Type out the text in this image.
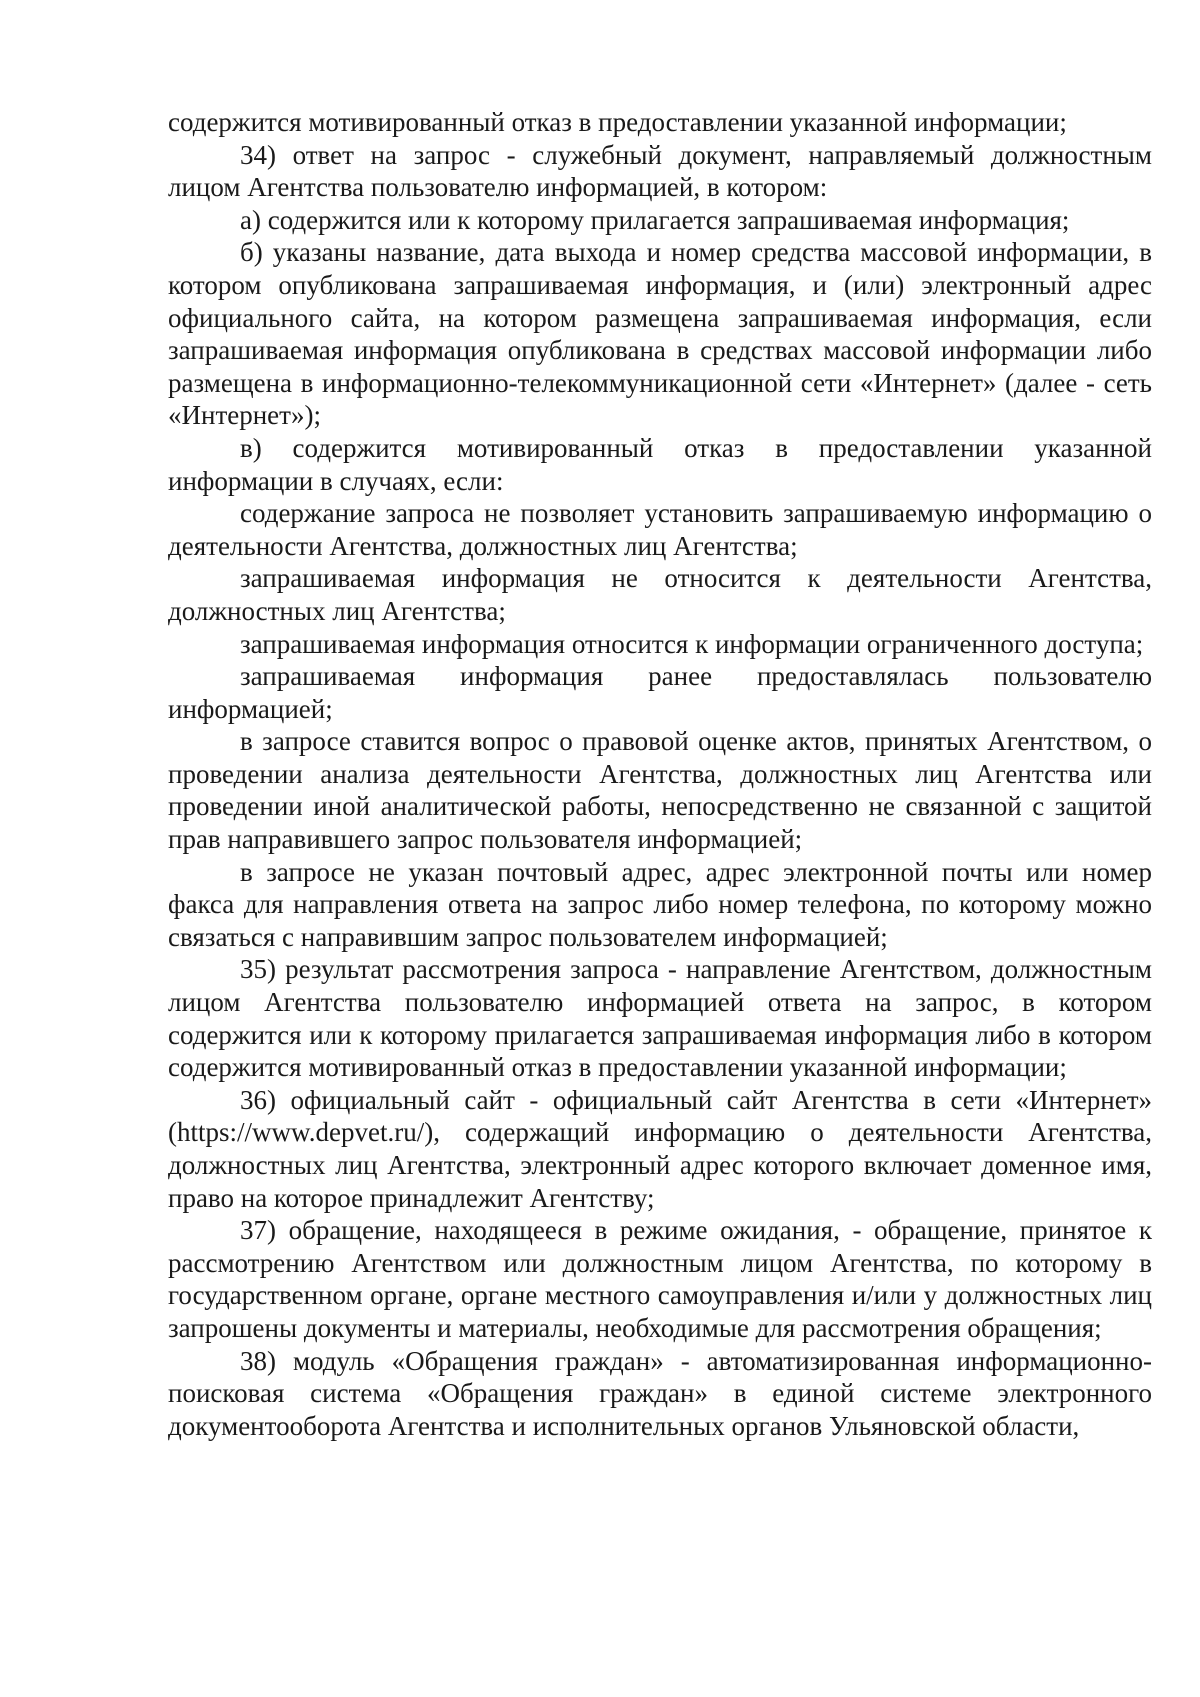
содержится мотивированный отказ в предоставлении указанной информации;

34) ответ на запрос - служебный документ, направляемый должностным лицом Агентства пользователю информацией, в котором:

а) содержится или к которому прилагается запрашиваемая информация;

б) указаны название, дата выхода и номер средства массовой информации, в котором опубликована запрашиваемая информация, и (или) электронный адрес официального сайта, на котором размещена запрашиваемая информация, если запрашиваемая информация опубликована в средствах массовой информации либо размещена в информационно-телекоммуникационной сети «Интернет» (далее - сеть «Интернет»);

в) содержится мотивированный отказ в предоставлении указанной информации в случаях, если:

содержание запроса не позволяет установить запрашиваемую информацию о деятельности Агентства, должностных лиц Агентства;

запрашиваемая информация не относится к деятельности Агентства, должностных лиц Агентства;

запрашиваемая информация относится к информации ограниченного доступа;

запрашиваемая информация ранее предоставлялась пользователю информацией;

в запросе ставится вопрос о правовой оценке актов, принятых Агентством, о проведении анализа деятельности Агентства, должностных лиц Агентства или проведении иной аналитической работы, непосредственно не связанной с защитой прав направившего запрос пользователя информацией;

в запросе не указан почтовый адрес, адрес электронной почты или номер факса для направления ответа на запрос либо номер телефона, по которому можно связаться с направившим запрос пользователем информацией;

35) результат рассмотрения запроса - направление Агентством, должностным лицом Агентства пользователю информацией ответа на запрос, в котором содержится или к которому прилагается запрашиваемая информация либо в котором содержится мотивированный отказ в предоставлении указанной информации;

36) официальный сайт - официальный сайт Агентства в сети «Интернет» (https://www.depvet.ru/), содержащий информацию о деятельности Агентства, должностных лиц Агентства, электронный адрес которого включает доменное имя, право на которое принадлежит Агентству;

37) обращение, находящееся в режиме ожидания, - обращение, принятое к рассмотрению Агентством или должностным лицом Агентства, по которому в государственном органе, органе местного самоуправления и/или у должностных лиц запрошены документы и материалы, необходимые для рассмотрения обращения;

38) модуль «Обращения граждан» - автоматизированная информационно-поисковая система «Обращения граждан» в единой системе электронного документооборота Агентства и исполнительных органов Ульяновской области,
